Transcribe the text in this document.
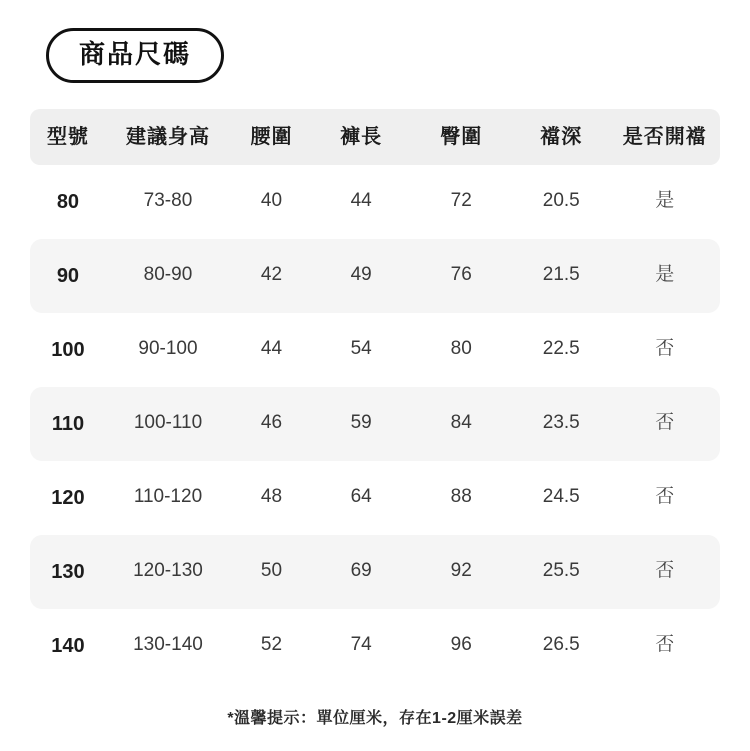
商品尺碼
型號	建議身高	腰圍	褲長	臀圍	襠深	是否開襠
80	73-80	40	44	72	20.5	是
90	80-90	42	49	76	21.5	是
100	90-100	44	54	80	22.5	否
110	100-110	46	59	84	23.5	否
120	110-120	48	64	88	24.5	否
130	120-130	50	69	92	25.5	否
140	130-140	52	74	96	26.5	否
*溫馨提示：單位厘米，存在1-2厘米誤差
